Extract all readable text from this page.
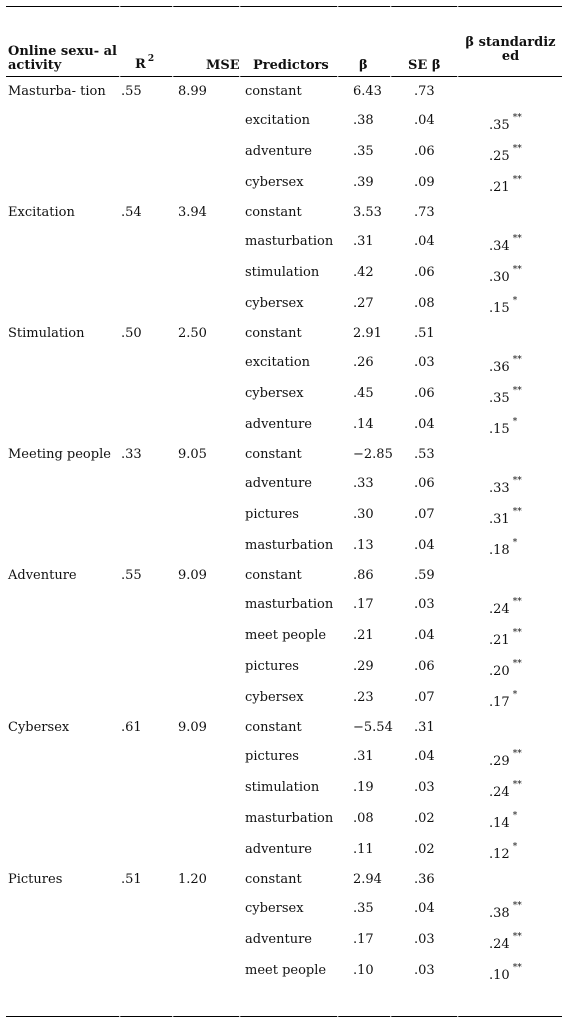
Online sexu- al activity	R $^2$	MSE	Predictors	β	SE β	β standardiz ed
Masturba- tion	.55	8.99	constant	6.43	.73	
			excitation	.38	.04	.35 **
			adventure	.35	.06	.25 **
			cybersex	.39	.09	.21 **
Excitation	.54	3.94	constant	3.53	.73	
			masturbation	.31	.04	.34 **
			stimulation	.42	.06	.30 **
			cybersex	.27	.08	.15 *
Stimulation	.50	2.50	constant	2.91	.51	
			excitation	.26	.03	.36 **
			cybersex	.45	.06	.35 **
			adventure	.14	.04	.15 *
Meeting people	.33	9.05	constant	−2.85	.53	
			adventure	.33	.06	.33 **
			pictures	.30	.07	.31 **
			masturbation	.13	.04	.18 *
Adventure	.55	9.09	constant	.86	.59	
			masturbation	.17	.03	.24 **
			meet people	.21	.04	.21 **
			pictures	.29	.06	.20 **
			cybersex	.23	.07	.17 *
Cybersex	.61	9.09	constant	−5.54	.31	
			pictures	.31	.04	.29 **
			stimulation	.19	.03	.24 **
			masturbation	.08	.02	.14 *
			adventure	.11	.02	.12 *
Pictures	.51	1.20	constant	2.94	.36	
			cybersex	.35	.04	.38 **
			adventure	.17	.03	.24 **
			meet people	.10	.03	.10 **
